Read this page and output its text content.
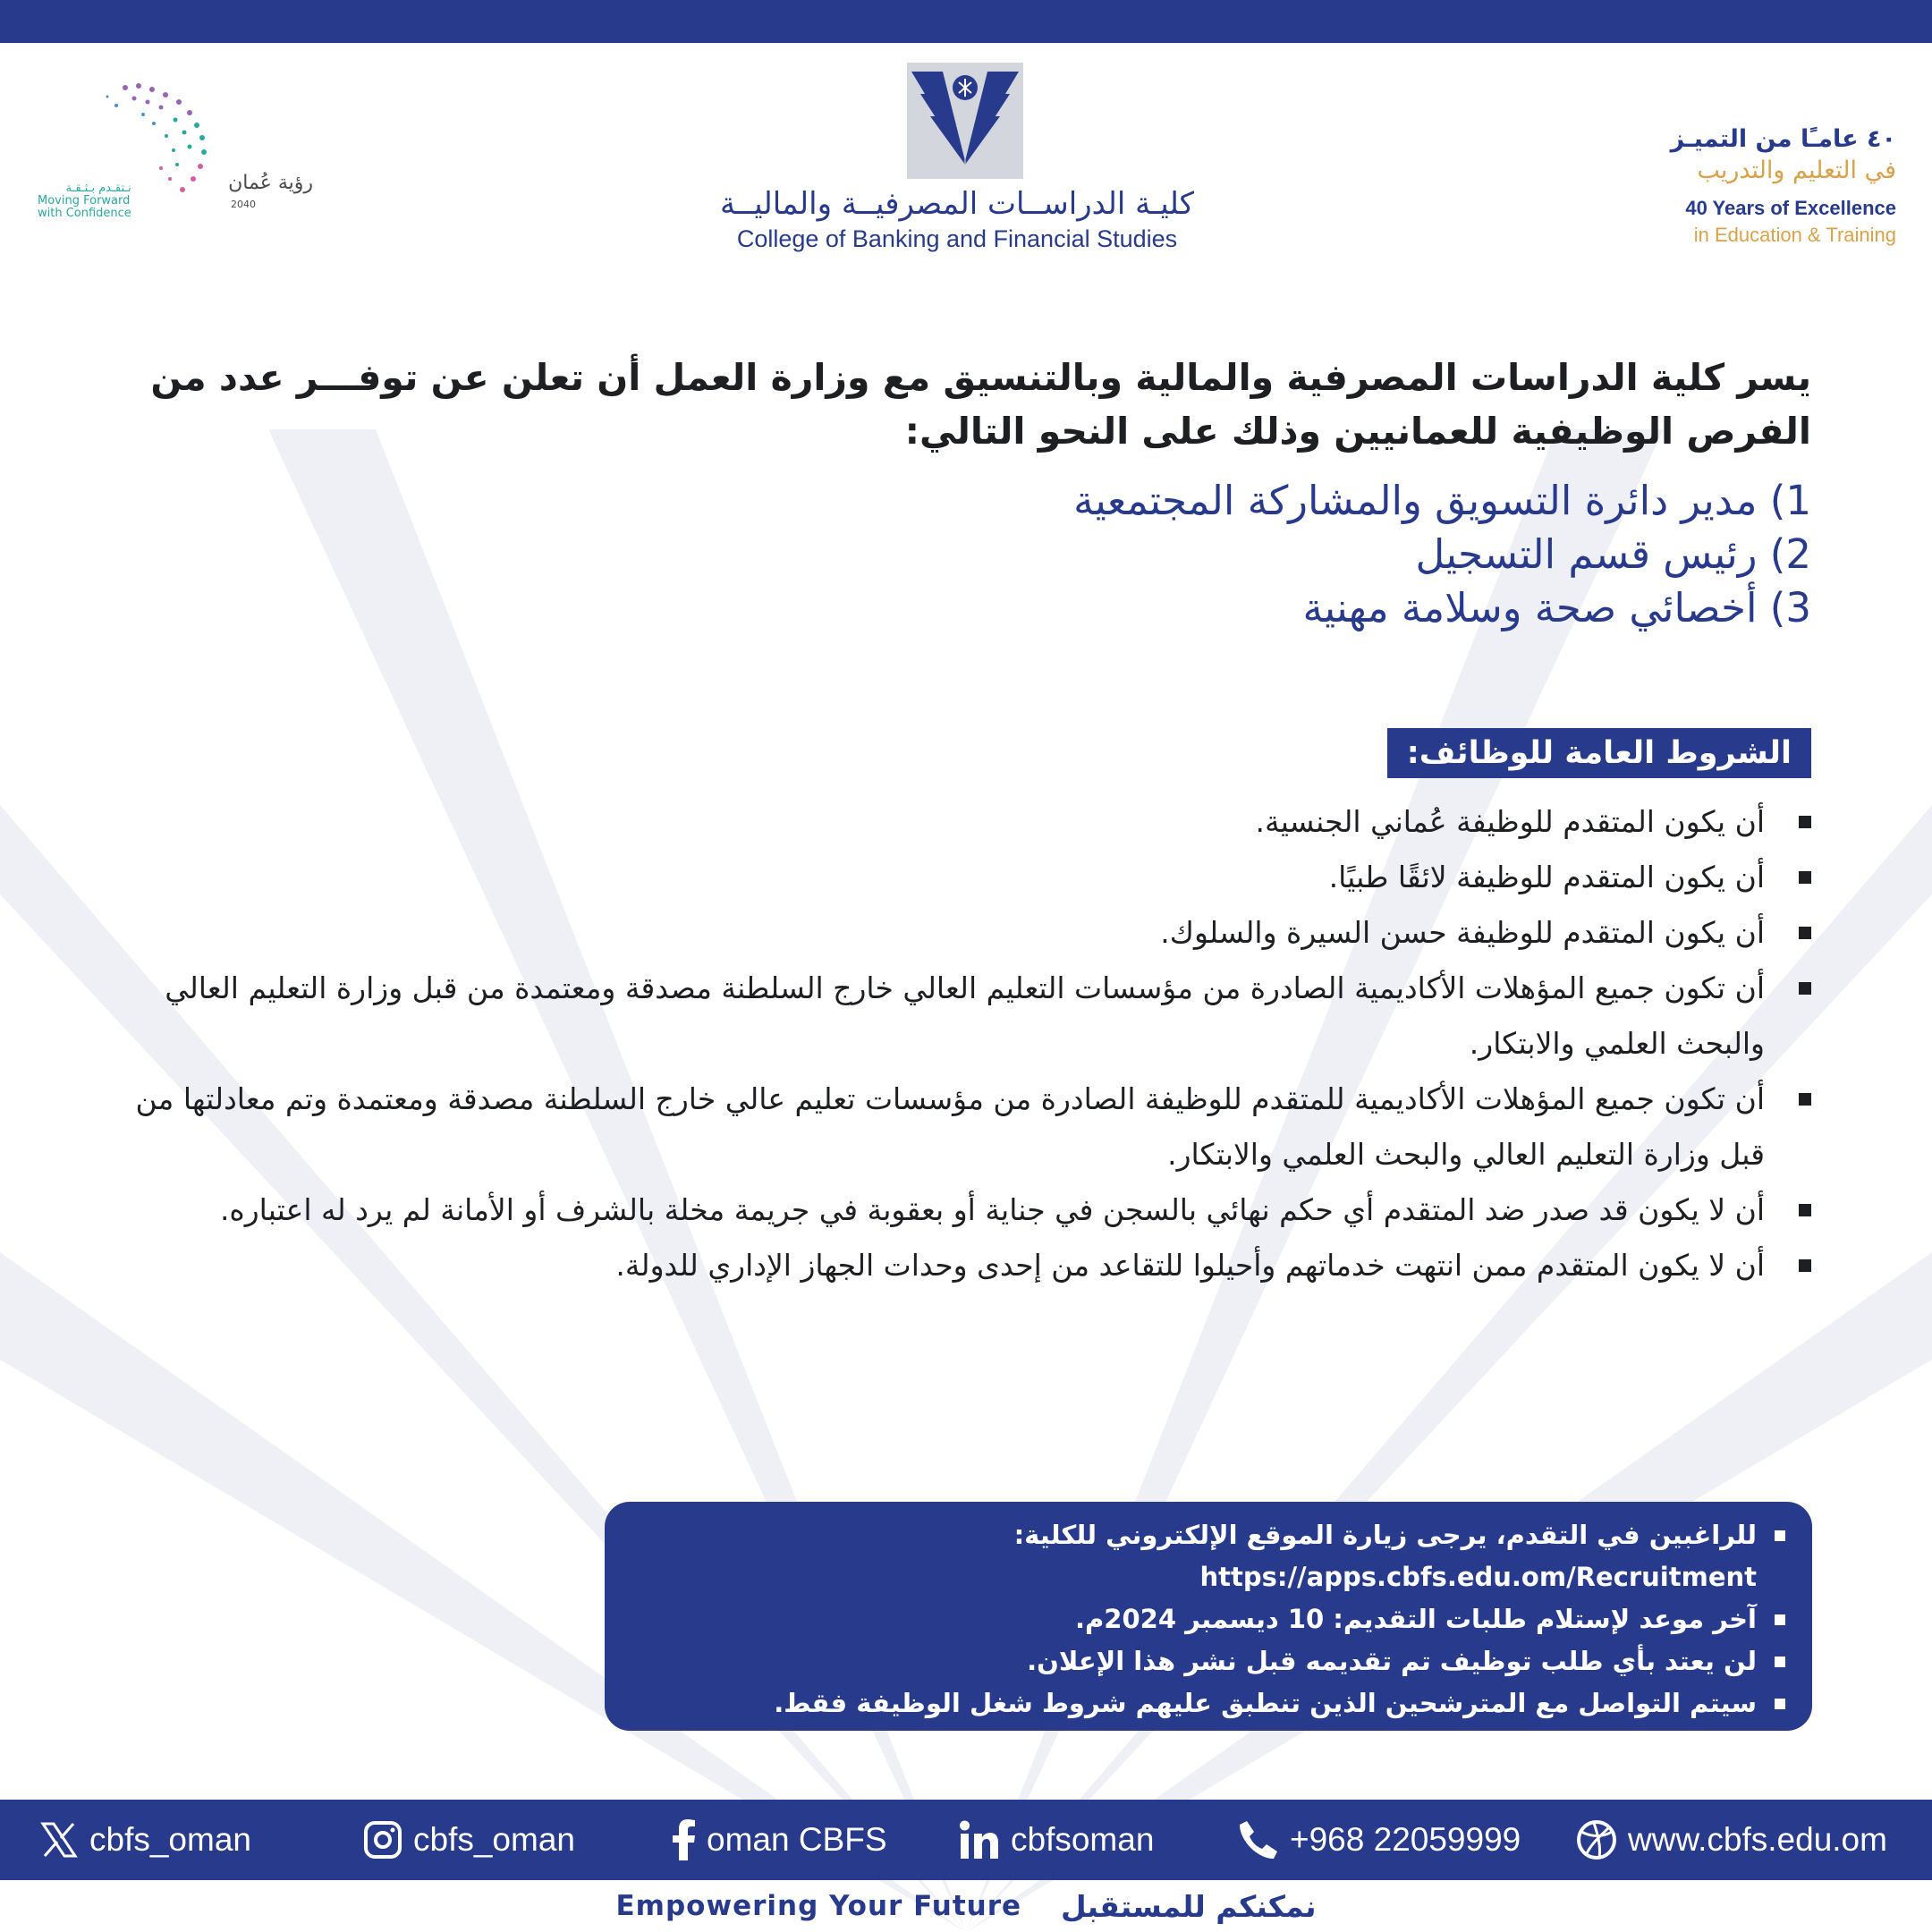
رؤية عُمان
2040
نـتقـدم بـثـقـة
Moving Forward
with Confidence	كليـة الدراســات المصرفيــة والماليــة
College of Banking and Financial Studies
٤٠ عامـًا من التميـز
في التعليم والتدريب
40 Years of Excellence
in Education & Training
يسر كلية الدراسات المصرفية والمالية وبالتنسيق مع وزارة العمل أن تعلن عن توفـــر عدد من الفرص الوظيفية للعمانيين وذلك على النحو التالي:
1) مدير دائرة التسويق والمشاركة المجتمعية
2) رئيس قسم التسجيل
3) أخصائي صحة وسلامة مهنية
الشروط العامة للوظائف:
أن يكون المتقدم للوظيفة عُماني الجنسية.
أن يكون المتقدم للوظيفة لائقًا طبيًا.
أن يكون المتقدم للوظيفة حسن السيرة والسلوك.
أن تكون جميع المؤهلات الأكاديمية الصادرة من مؤسسات التعليم العالي خارج السلطنة مصدقة ومعتمدة من قبل وزارة التعليم العالي والبحث العلمي والابتكار.
أن تكون جميع المؤهلات الأكاديمية للمتقدم للوظيفة الصادرة من مؤسسات تعليم عالي خارج السلطنة مصدقة ومعتمدة وتم معادلتها من قبل وزارة التعليم العالي والبحث العلمي والابتكار.
أن لا يكون قد صدر ضد المتقدم أي حكم نهائي بالسجن في جناية أو بعقوبة في جريمة مخلة بالشرف أو الأمانة لم يرد له اعتباره.
أن لا يكون المتقدم ممن انتهت خدماتهم وأحيلوا للتقاعد من إحدى وحدات الجهاز الإداري للدولة.
للراغبين في التقدم، يرجى زيارة الموقع الإلكتروني للكلية:
https://apps.cbfs.edu.om/Recruitment
آخر موعد لإستلام طلبات التقديم: 10 ديسمبر 2024م.
لن يعتد بأي طلب توظيف تم تقديمه قبل نشر هذا الإعلان.
سيتم التواصل مع المترشحين الذين تنطبق عليهم شروط شغل الوظيفة فقط.
cbfs_oman	cbfs_oman	oman CBFS	cbfsoman	+968 22059999	www.cbfs.edu.om
Empowering Your Future نمكنكم للمستقبل
